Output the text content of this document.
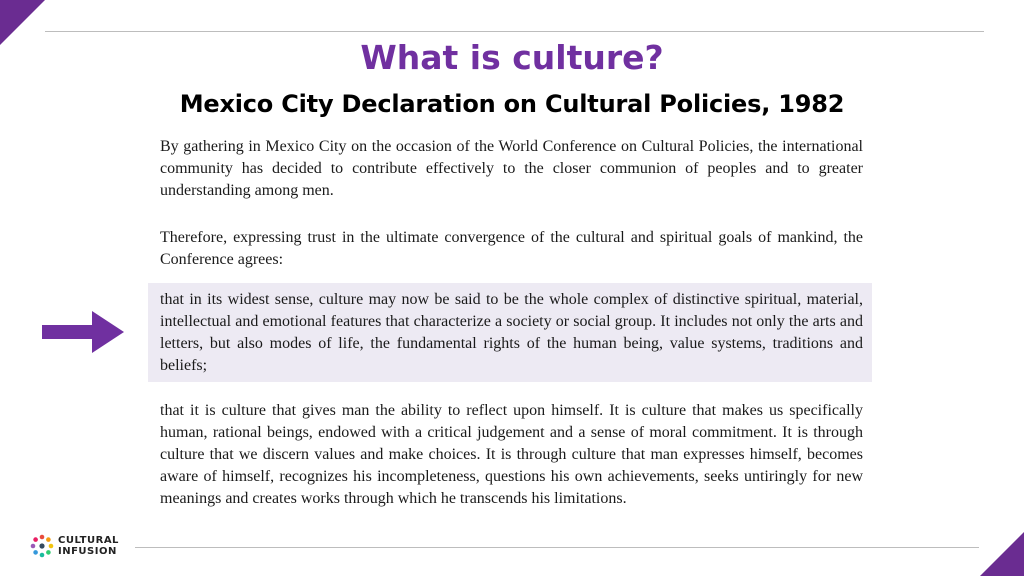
What is culture?
Mexico City Declaration on Cultural Policies, 1982

By gathering in Mexico City on the occasion of the World Conference on Cultural Policies, the international community has decided to contribute effectively to the closer communion of peoples and to greater understanding among men.

Therefore, expressing trust in the ultimate convergence of the cultural and spiritual goals of mankind, the Conference agrees:

that in its widest sense, culture may now be said to be the whole complex of distinctive spiritual, material, intellectual and emotional features that characterize a society or social group. It includes not only the arts and letters, but also modes of life, the fundamental rights of the human being, value systems, traditions and beliefs;

that it is culture that gives man the ability to reflect upon himself. It is culture that makes us specifically human, rational beings, endowed with a critical judgement and a sense of moral commitment. It is through culture that we discern values and make choices. It is through culture that man expresses himself, becomes aware of himself, recognizes his incompleteness, questions his own achievements, seeks untiringly for new meanings and creates works through which he transcends his limitations.

CULTURAL
INFUSION
